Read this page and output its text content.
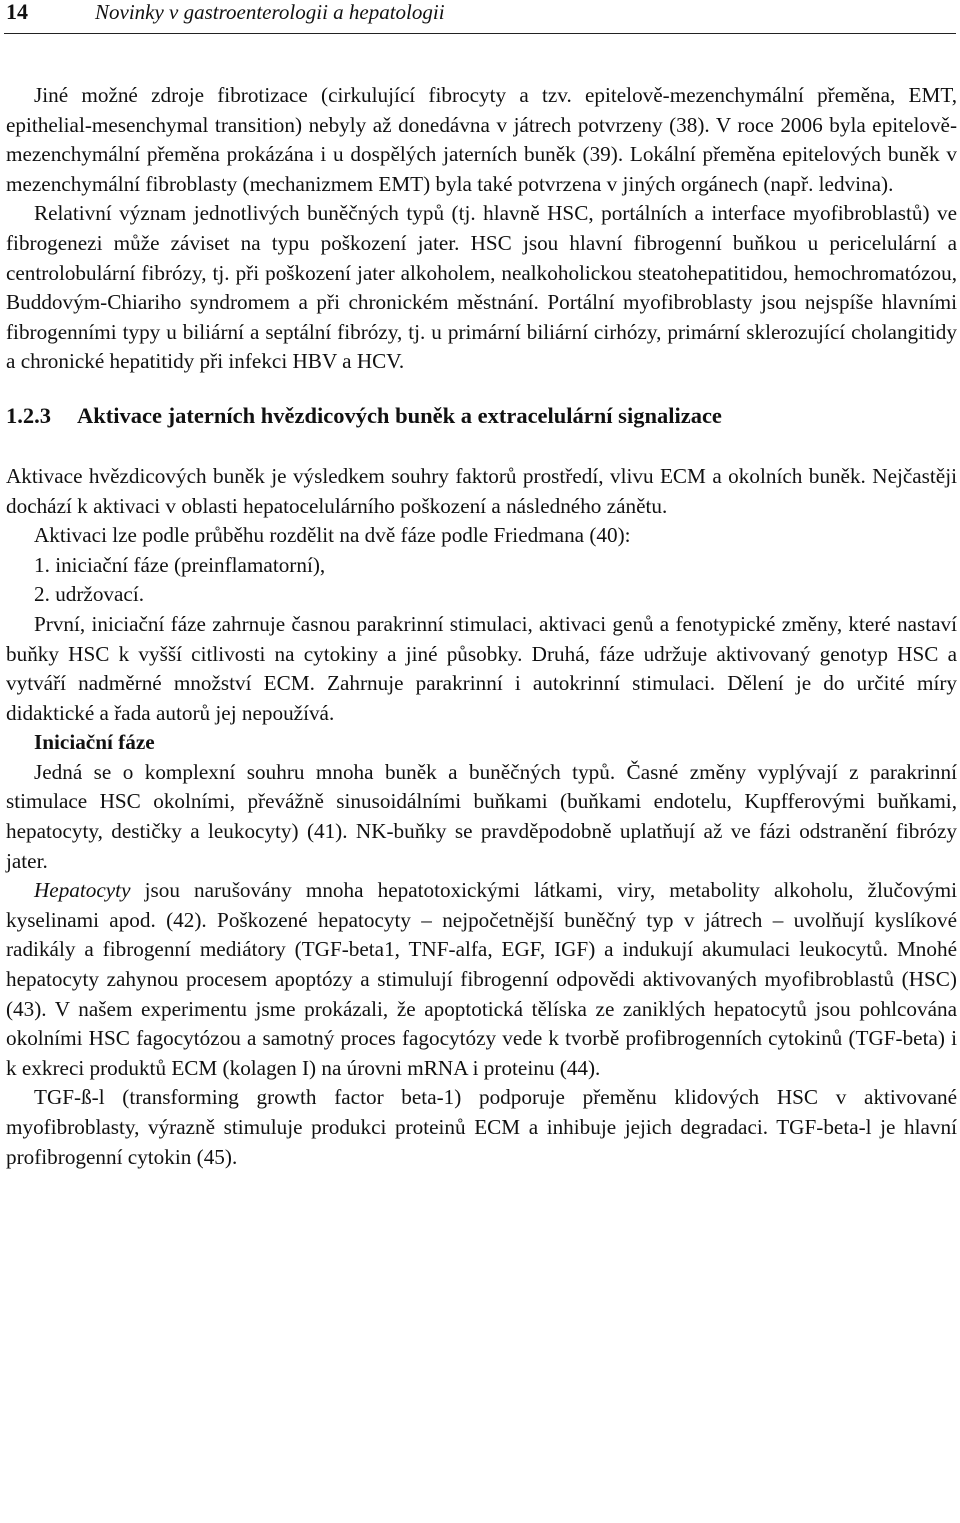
14	Novinky v gastroenterologii a hepatologii

Jiné možné zdroje fibrotizace (cirkulující fibrocyty a tzv. epitelově-mezenchymální přeměna, EMT, epithelial-mesenchymal transition) nebyly až donedávna v játrech potvrzeny (38). V roce 2006 byla epitelově-mezenchymální přeměna prokázána i u dospělých jaterních buněk (39). Lokální přeměna epitelových buněk v mezenchymální fibroblasty (mechanizmem EMT) byla také potvrzena v jiných orgánech (např. ledvina).

Relativní význam jednotlivých buněčných typů (tj. hlavně HSC, portálních a interface myofibroblastů) ve fibrogenezi může záviset na typu poškození jater. HSC jsou hlavní fibrogenní buňkou u pericelulární a centrolobulární fibrózy, tj. při poškození jater alkoholem, nealkoholickou steatohepatitidou, hemochromatózou, Buddovým-Chiariho syndromem a při chronickém městnání. Portální myofibroblasty jsou nejspíše hlavními fibrogenními typy u biliární a septální fibrózy, tj. u primární biliární cirhózy, primární sklerozující cholangitidy a chronické hepatitidy při infekci HBV a HCV.

1.2.3	Aktivace jaterních hvězdicových buněk a extracelulární signalizace

Aktivace hvězdicových buněk je výsledkem souhry faktorů prostředí, vlivu ECM a okolních buněk. Nejčastěji dochází k aktivaci v oblasti hepatocelulárního poškození a následného zánětu.

Aktivaci lze podle průběhu rozdělit na dvě fáze podle Friedmana (40):

1. iniciační fáze (preinflamatorní),

2. udržovací.

První, iniciační fáze zahrnuje časnou parakrinní stimulaci, aktivaci genů a fenotypické změny, které nastaví buňky HSC k vyšší citlivosti na cytokiny a jiné působky. Druhá, fáze udržuje aktivovaný genotyp HSC a vytváří nadměrné množství ECM. Zahrnuje parakrinní i autokrinní stimulaci. Dělení je do určité míry didaktické a řada autorů jej nepoužívá.

Iniciační fáze

Jedná se o komplexní souhru mnoha buněk a buněčných typů. Časné změny vyplývají z parakrinní stimulace HSC okolními, převážně sinusoidálními buňkami (buňkami endotelu, Kupfferovými buňkami, hepatocyty, destičky a leukocyty) (41). NK-buňky se pravděpodobně uplatňují až ve fázi odstranění fibrózy jater.

Hepatocyty jsou narušovány mnoha hepatotoxickými látkami, viry, metabolity alkoholu, žlučovými kyselinami apod. (42). Poškozené hepatocyty – nejpočetnější buněčný typ v játrech – uvolňují kyslíkové radikály a fibrogenní mediátory (TGF-beta1, TNF-alfa, EGF, IGF) a indukují akumulaci leukocytů. Mnohé hepatocyty zahynou procesem apoptózy a stimulují fibrogenní odpovědi aktivovaných myofibroblastů (HSC) (43). V našem experimentu jsme prokázali, že apoptotická tělíska ze zaniklých hepatocytů jsou pohlcována okolními HSC fagocytózou a samotný proces fagocytózy vede k tvorbě profibrogenních cytokinů (TGF-beta) i k exkreci produktů ECM (kolagen I) na úrovni mRNA i proteinu (44).

TGF-ß-l (transforming growth factor beta-1) podporuje přeměnu klidových HSC v aktivované myofibroblasty, výrazně stimuluje produkci proteinů ECM a inhibuje jejich degradaci. TGF-beta-l je hlavní profibrogenní cytokin (45).
